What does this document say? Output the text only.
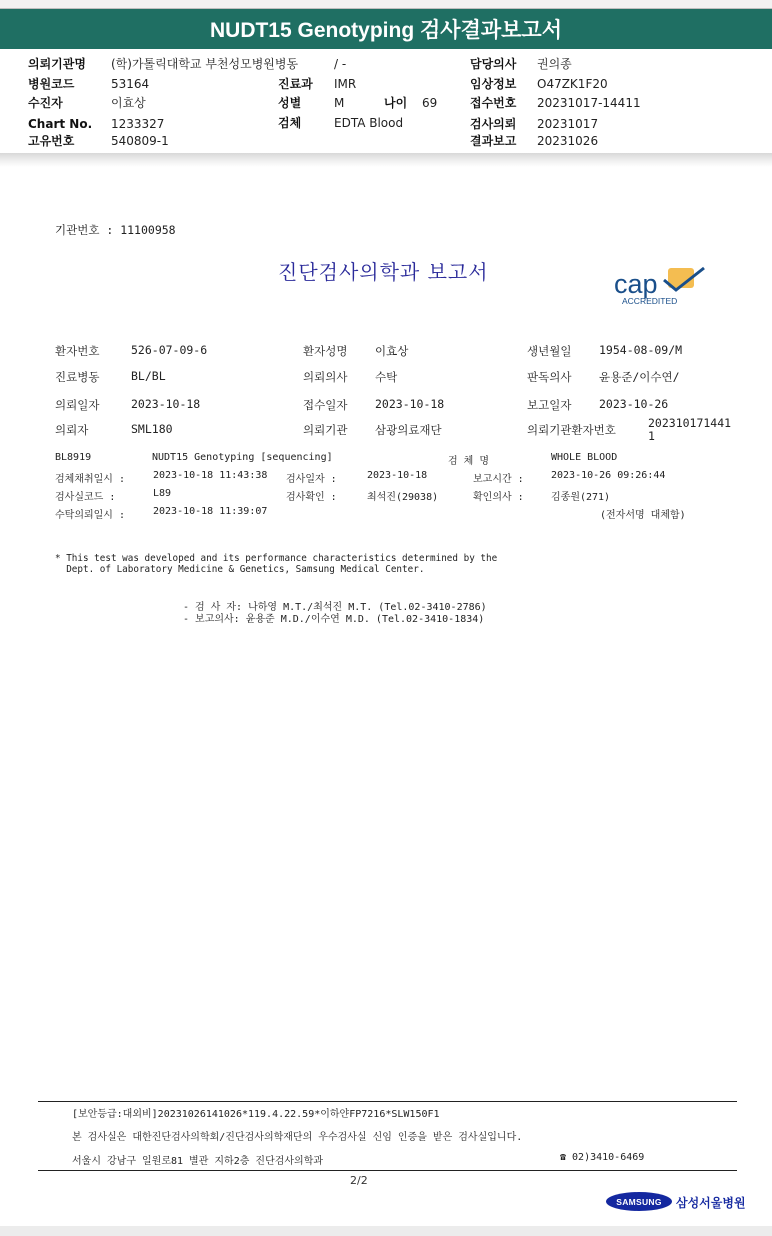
NUDT15 Genotyping 검사결과보고서
의뢰기관명 (학)가톨릭대학교 부천성모병원병동	/ -	담당의사 권의종
병원코드	53164	진료과 IMR	임상정보 O47ZK1F20
수진자	이효상	성별	M	나이 69	접수번호 20231017-14411
Chart No. 1233327	검체	EDTA Blood	검사의뢰 20231017
고유번호	540809-1	결과보고 20231026
기관번호 : 11100958
진단검사의학과 보고서	cap
ACCREDITED
환자번호	526-07-09-6	환자성명 이효상	생년월일 1954-08-09/M
진료병동	BL/BL	의뢰의사 수탁	판독의사 윤용준/이수연/
의뢰일자	2023-10-18	접수일자 2023-10-18	보고일자 2023-10-26
의뢰자	SML180	의뢰기관 삼광의료재단	의뢰기관환자번호	202310171441
1
BL8919	NUDT15 Genotyping [sequencing]	검 체 명	WHOLE BLOOD
검체채취일시 :	2023-10-18 11:43:38 검사일자 :	2023-10-18	보고시간 :	2023-10-26 09:26:44
검사실코드 :	L89	검사확인 :	최석진(29038)	확인의사 :	김종원(271)
수탁의뢰일시 :	2023-10-18 11:39:07	(전자서명 대체함)
* This test was developed and its performance characteristics determined by the
Dept. of Laboratory Medicine & Genetics, Samsung Medical Center.
- 검 사 자: 나하영 M.T./최석진 M.T. (Tel.02-3410-2786)
- 보고의사: 윤용준 M.D./이수연 M.D. (Tel.02-3410-1834)
[보안등급:대외비]20231026141026*119.4.22.59*이하얀FP7216*SLW150F1
본 검사실은 대한진단검사의학회/진단검사의학재단의 우수검사실 신임 인증을 받은 검사실입니다.
서울시 강남구 일원로81 별관 지하2층 진단검사의학과	☎ 02)3410-6469
2/2
SAMSUNG	삼성서울병원
